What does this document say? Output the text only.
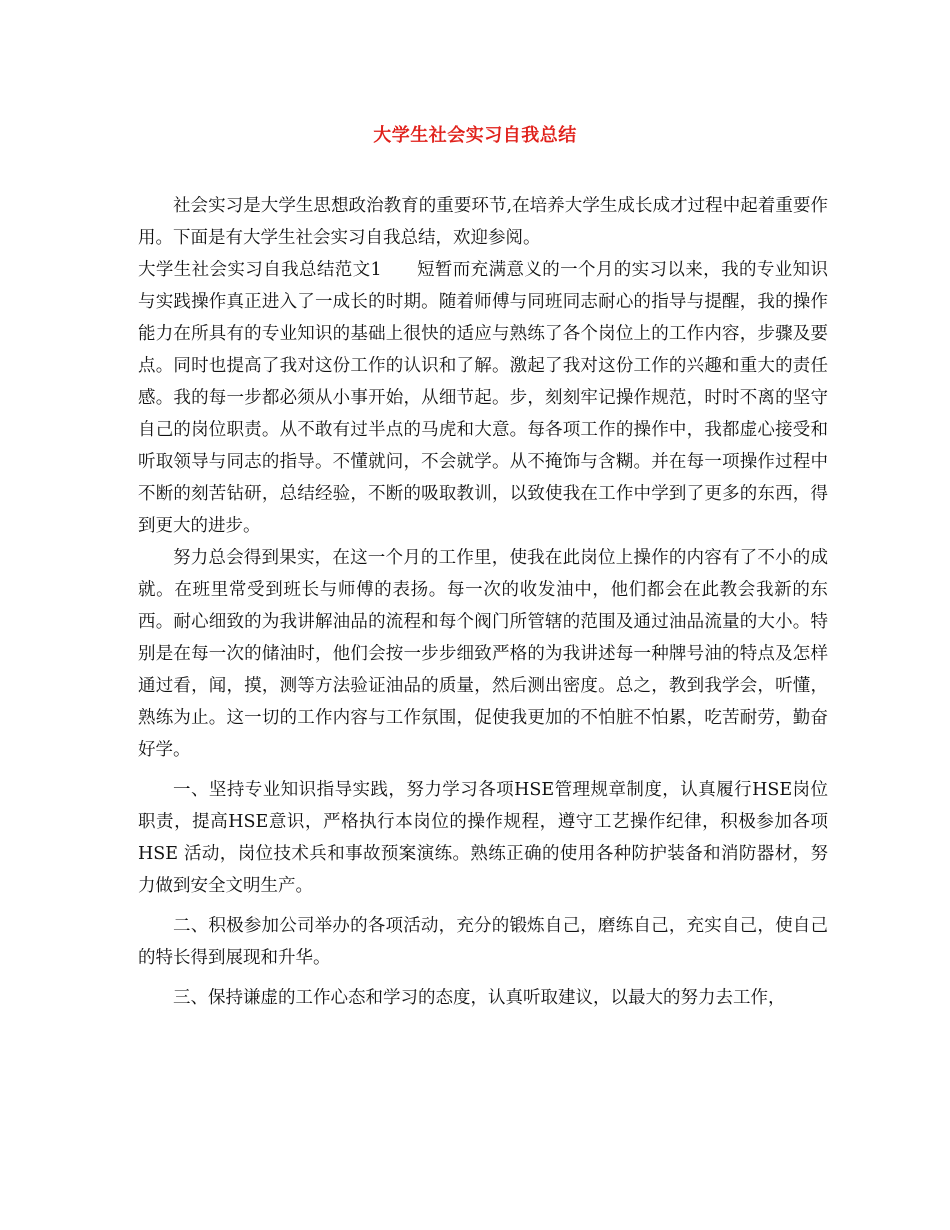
大学生社会实习自我总结

社会实习是大学生思想政治教育的重要环节,在培养大学生成长成才过程中起着重要作用。下面是有大学生社会实习自我总结，欢迎参阅。

大学生社会实习自我总结范文1 短暂而充满意义的一个月的实习以来，我的专业知识与实践操作真正进入了一成长的时期。随着师傅与同班同志耐心的指导与提醒，我的操作能力在所具有的专业知识的基础上很快的适应与熟练了各个岗位上的工作内容，步骤及要点。同时也提高了我对这份工作的认识和了解。激起了我对这份工作的兴趣和重大的责任感。我的每一步都必须从小事开始，从细节起。步，刻刻牢记操作规范，时时不离的坚守自己的岗位职责。从不敢有过半点的马虎和大意。每各项工作的操作中，我都虚心接受和听取领导与同志的指导。不懂就问，不会就学。从不掩饰与含糊。并在每一项操作过程中不断的刻苦钻研，总结经验，不断的吸取教训，以致使我在工作中学到了更多的东西，得到更大的进步。

努力总会得到果实，在这一个月的工作里，使我在此岗位上操作的内容有了不小的成就。在班里常受到班长与师傅的表扬。每一次的收发油中，他们都会在此教会我新的东西。耐心细致的为我讲解油品的流程和每个阀门所管辖的范围及通过油品流量的大小。特别是在每一次的储油时，他们会按一步步细致严格的为我讲述每一种牌号油的特点及怎样通过看，闻，摸，测等方法验证油品的质量，然后测出密度。总之，教到我学会，听懂，熟练为止。这一切的工作内容与工作氛围，促使我更加的不怕脏不怕累，吃苦耐劳，勤奋好学。

一、坚持专业知识指导实践，努力学习各项HSE管理规章制度，认真履行HSE岗位职责，提高HSE意识，严格执行本岗位的操作规程，遵守工艺操作纪律，积极参加各项HSE 活动，岗位技术兵和事故预案演练。熟练正确的使用各种防护装备和消防器材，努力做到安全文明生产。

二、积极参加公司举办的各项活动，充分的锻炼自己，磨练自己，充实自己，使自己的特长得到展现和升华。

三、保持谦虚的工作心态和学习的态度，认真听取建议，以最大的努力去工作，
